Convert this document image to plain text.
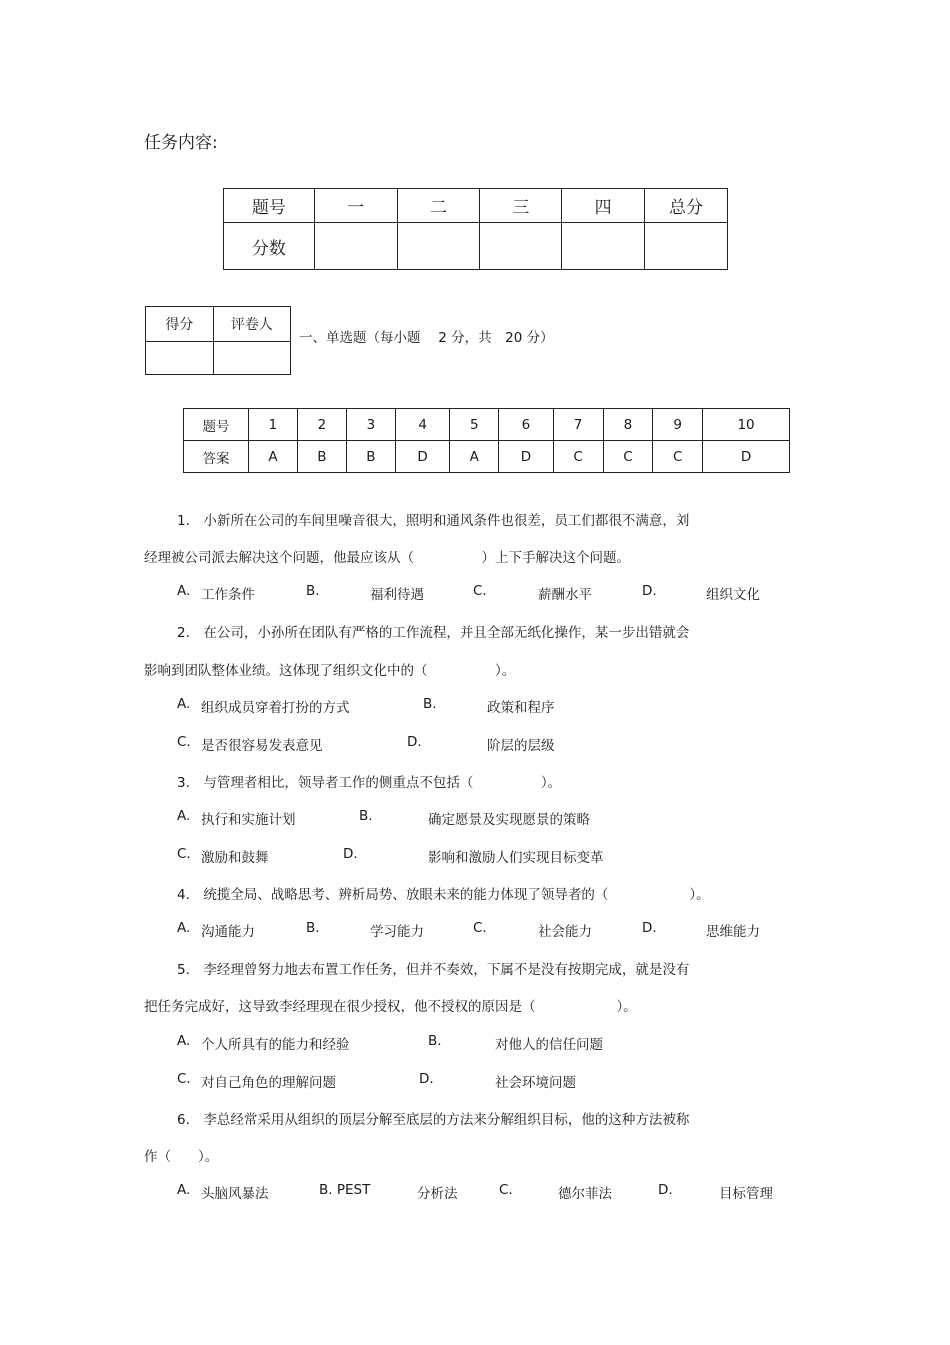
任务内容:
题号	一	二	三	四	总分
分数					
得分	评卷人

一、单选题（每小题　 2 分，共　20 分）
题号	1	2	3	4	5	6	7	8	9	10
答案	A	B	B	D	A	D	C	C	C	D
1.　小新所在公司的车间里噪音很大，照明和通风条件也很差，员工们都很不满意，刘
经理被公司派去解决这个问题，他最应该从（　　　　　）上下手解决这个问题。
A. 工作条件	B.	福利待遇	C.	薪酬水平	D.	组织文化
2.　在公司，小孙所在团队有严格的工作流程，并且全部无纸化操作，某一步出错就会
影响到团队整体业绩。这体现了组织文化中的（　　　　　）。
A. 组织成员穿着打扮的方式	B.	政策和程序
C. 是否很容易发表意见	D.	阶层的层级
3.　与管理者相比，领导者工作的侧重点不包括（　　　　　）。
A. 执行和实施计划	B.	确定愿景及实现愿景的策略
C. 激励和鼓舞	D.	影响和激励人们实现目标变革
4.　统揽全局、战略思考、辨析局势、放眼未来的能力体现了领导者的（　　　　　　）。
A. 沟通能力	B.	学习能力	C.	社会能力	D.	思维能力
5.　李经理曾努力地去布置工作任务，但并不奏效，下属不是没有按期完成，就是没有
把任务完成好，这导致李经理现在很少授权，他不授权的原因是（　　　　　　）。
A. 个人所具有的能力和经验	B.	对他人的信任问题
C. 对自己角色的理解问题	D.	社会环境问题
6.　李总经常采用从组织的顶层分解至底层的方法来分解组织目标，他的这种方法被称
作（　　）。
A. 头脑风暴法	B. PEST	分析法	C.	德尔菲法	D.	目标管理
